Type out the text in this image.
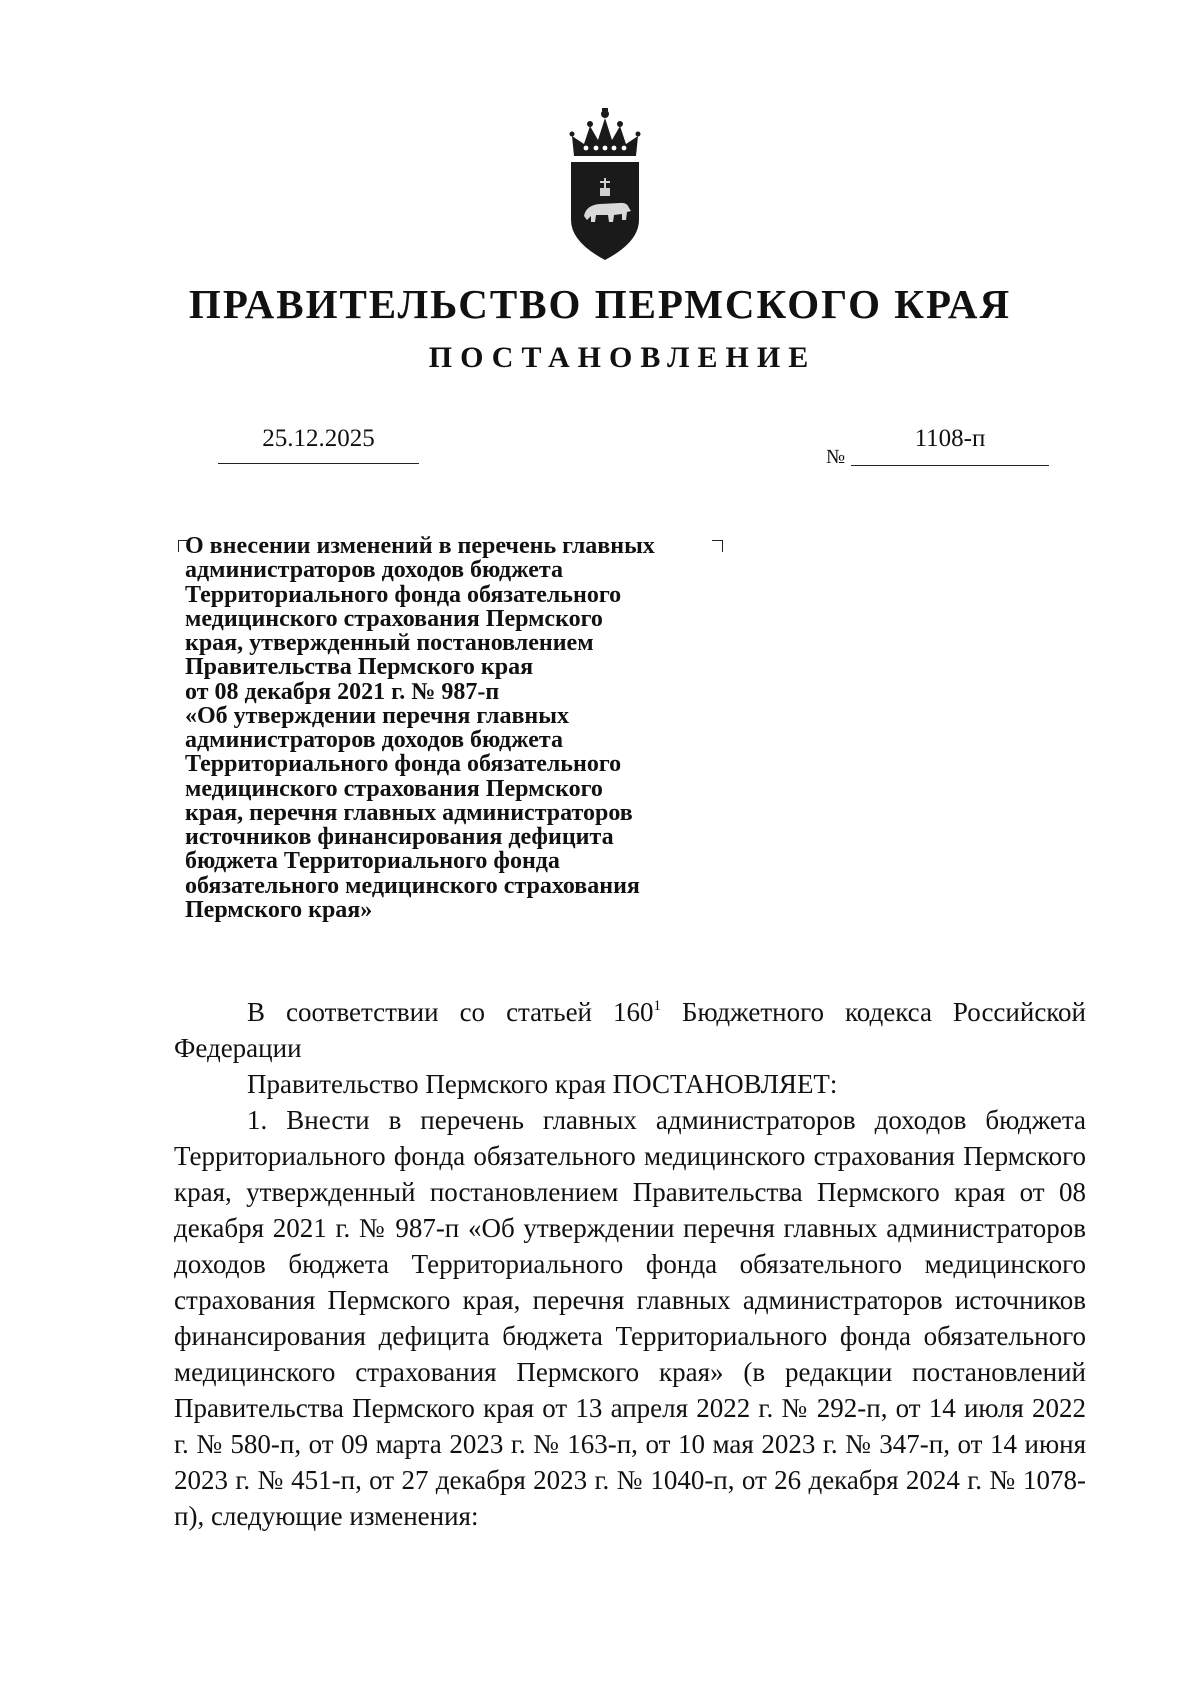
ПРАВИТЕЛЬСТВО ПЕРМСКОГО КРАЯ
ПОСТАНОВЛЕНИЕ
25.12.2025
№
1108-п
О внесении изменений в перечень главных
администраторов доходов бюджета
Территориального фонда обязательного
медицинского страхования Пермского
края, утвержденный постановлением
Правительства Пермского края
от 08 декабря 2021 г. № 987-п
«Об утверждении перечня главных
администраторов доходов бюджета
Территориального фонда обязательного
медицинского страхования Пермского
края, перечня главных администраторов
источников финансирования дефицита
бюджета Территориального фонда
обязательного медицинского страхования
Пермского края»

В соответствии со статьей $160^1$ Бюджетного кодекса Российской Федерации

Правительство Пермского края ПОСТАНОВЛЯЕТ:

1. Внести в перечень главных администраторов доходов бюджета Территориального фонда обязательного медицинского страхования Пермского края, утвержденный постановлением Правительства Пермского края от 08 декабря 2021 г. № 987-п «Об утверждении перечня главных администраторов доходов бюджета Территориального фонда обязательного медицинского страхования Пермского края, перечня главных администраторов источников финансирования дефицита бюджета Территориального фонда обязательного медицинского страхования Пермского края» (в редакции постановлений Правительства Пермского края от 13 апреля 2022 г. № 292-п, от 14 июля 2022 г. № 580-п, от 09 марта 2023 г. № 163-п, от 10 мая 2023 г. № 347-п, от 14 июня 2023 г. № 451-п, от 27 декабря 2023 г. № 1040-п, от 26 декабря 2024 г. № 1078-п), следующие изменения:
